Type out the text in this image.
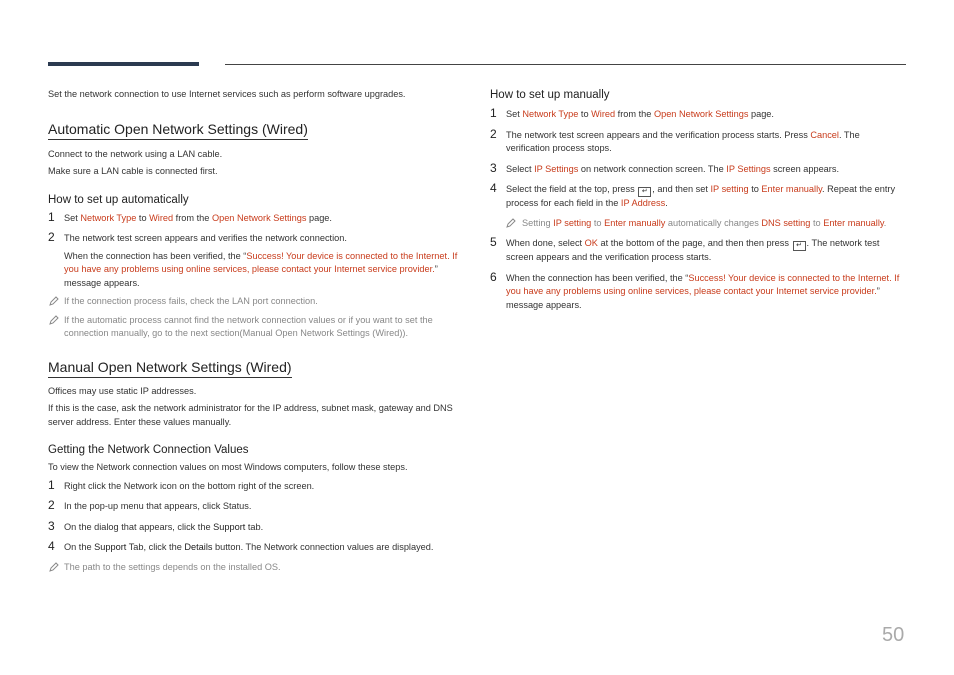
Set the network connection to use Internet services such as perform software upgrades.

Automatic Open Network Settings (Wired)

Connect to the network using a LAN cable.

Make sure a LAN cable is connected first.

How to set up automatically
1 Set Network Type to Wired from the Open Network Settings page.

2 The network test screen appears and verifies the network connection.

When the connection has been verified, the “Success! Your device is connected to the Internet. If you have any problems using online services, please contact your Internet service provider.” message appears.

If the connection process fails, check the LAN port connection.

If the automatic process cannot find the network connection values or if you want to set the connection manually, go to the next section(Manual Open Network Settings (Wired)).

Manual Open Network Settings (Wired)

Offices may use static IP addresses.

If this is the case, ask the network administrator for the IP address, subnet mask, gateway and DNS server address. Enter these values manually.

Getting the Network Connection Values

To view the Network connection values on most Windows computers, follow these steps.

1 Right click the Network icon on the bottom right of the screen.

2 In the pop-up menu that appears, click Status.

3 On the dialog that appears, click the Support tab.

4 On the Support Tab, click the Details button. The Network connection values are displayed.

The path to the settings depends on the installed OS.

How to set up manually
1 Set Network Type to Wired from the Open Network Settings page.

2 The network test screen appears and the verification process starts. Press Cancel. The verification process stops.

3 Select IP Settings on network connection screen. The IP Settings screen appears.

4 Select the field at the top, press ↵ , and then set IP setting to Enter manually. Repeat the entry process for each field in the IP Address.

Setting IP setting to Enter manually automatically changes DNS setting to Enter manually.

5 When done, select OK at the bottom of the page, and then then press ↵ . The network test screen appears and the verification process starts.

6 When the connection has been verified, the “Success! Your device is connected to the Internet. If you have any problems using online services, please contact your Internet service provider.” message appears.

50
